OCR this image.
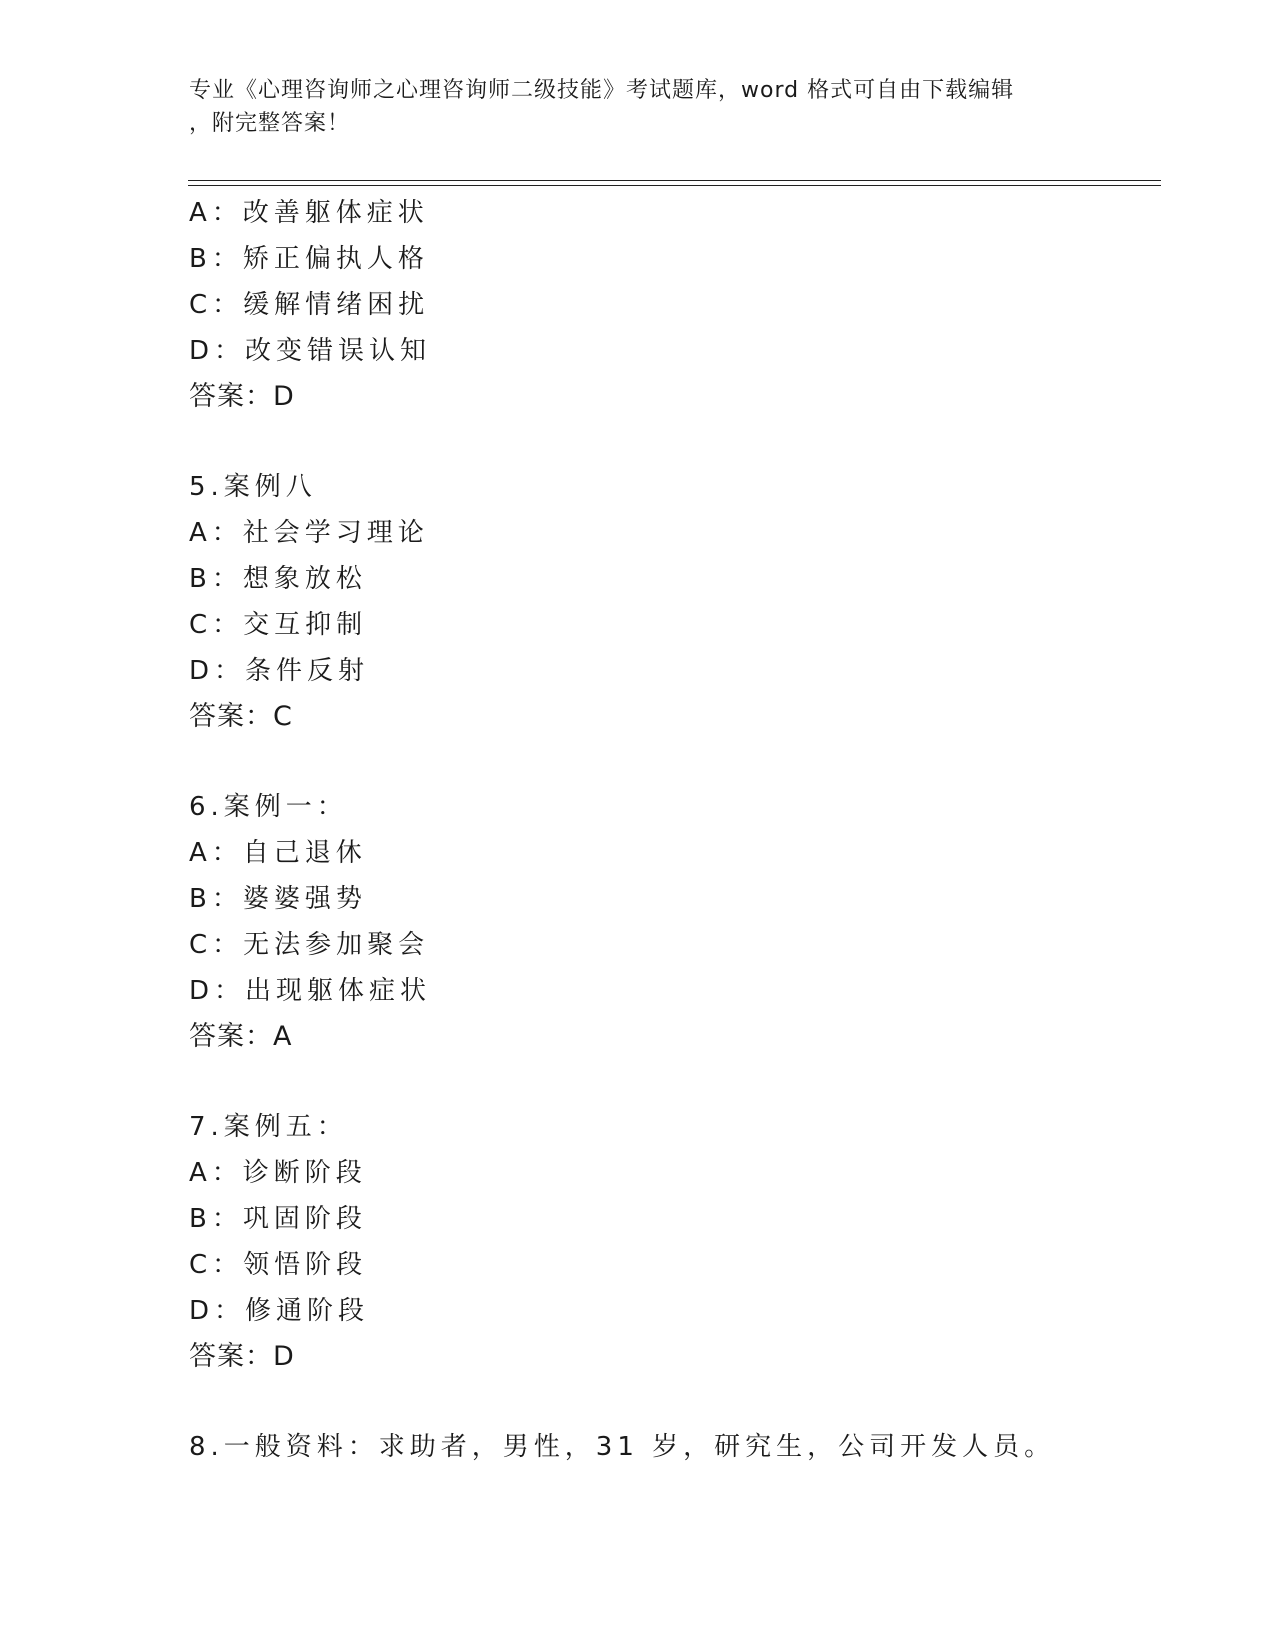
专业《心理咨询师之心理咨询师二级技能》考试题库，word 格式可自由下载编辑
，附完整答案！
A：改善躯体症状
B：矫正偏执人格
C：缓解情绪困扰
D：改变错误认知
答案：D
5.案例八
A：社会学习理论
B：想象放松
C：交互抑制
D：条件反射
答案：C
6.案例一：
A：自己退休
B：婆婆强势
C：无法参加聚会
D：出现躯体症状
答案：A
7.案例五：
A：诊断阶段
B：巩固阶段
C：领悟阶段
D：修通阶段
答案：D
8.一般资料：求助者，男性，31 岁，研究生，公司开发人员。
